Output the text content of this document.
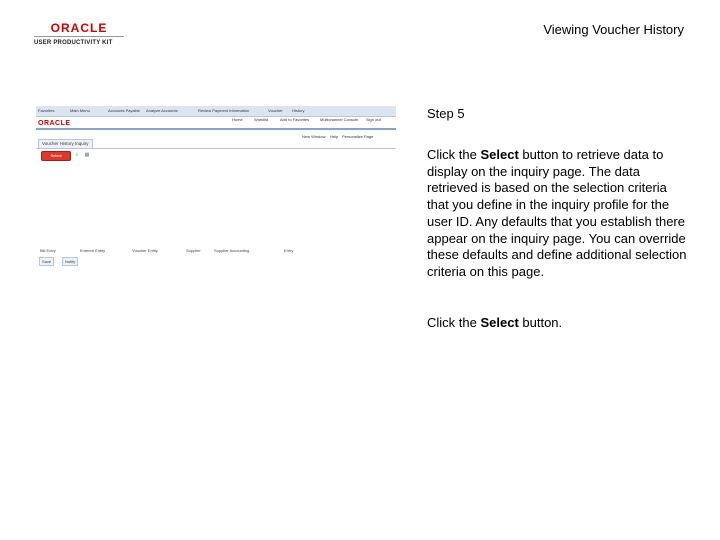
ORACLE
USER PRODUCTIVITY KIT
Viewing Voucher History
Favorites	Main Menu	Accounts Payable Analyze Accounts	Review Payment Information	Voucher History
ORACLE
Home	Worklist	Add to Favorites	Multichannel Console Sign out
New Window Help Personalize Page
Voucher History Inquiry
Select	⌕	▦
Bill Entry	Entered Entity	Voucher Entity	Supplier	Supplier Accounting	Entry
Save	Notify
Step 5
Click the Select button to retrieve data to display on the inquiry page. The data retrieved is based on the selection criteria that you define in the inquiry profile for the user ID. Any defaults that you establish there appear on the inquiry page. You can override these defaults and define additional selection criteria on this page.
Click the Select button.
